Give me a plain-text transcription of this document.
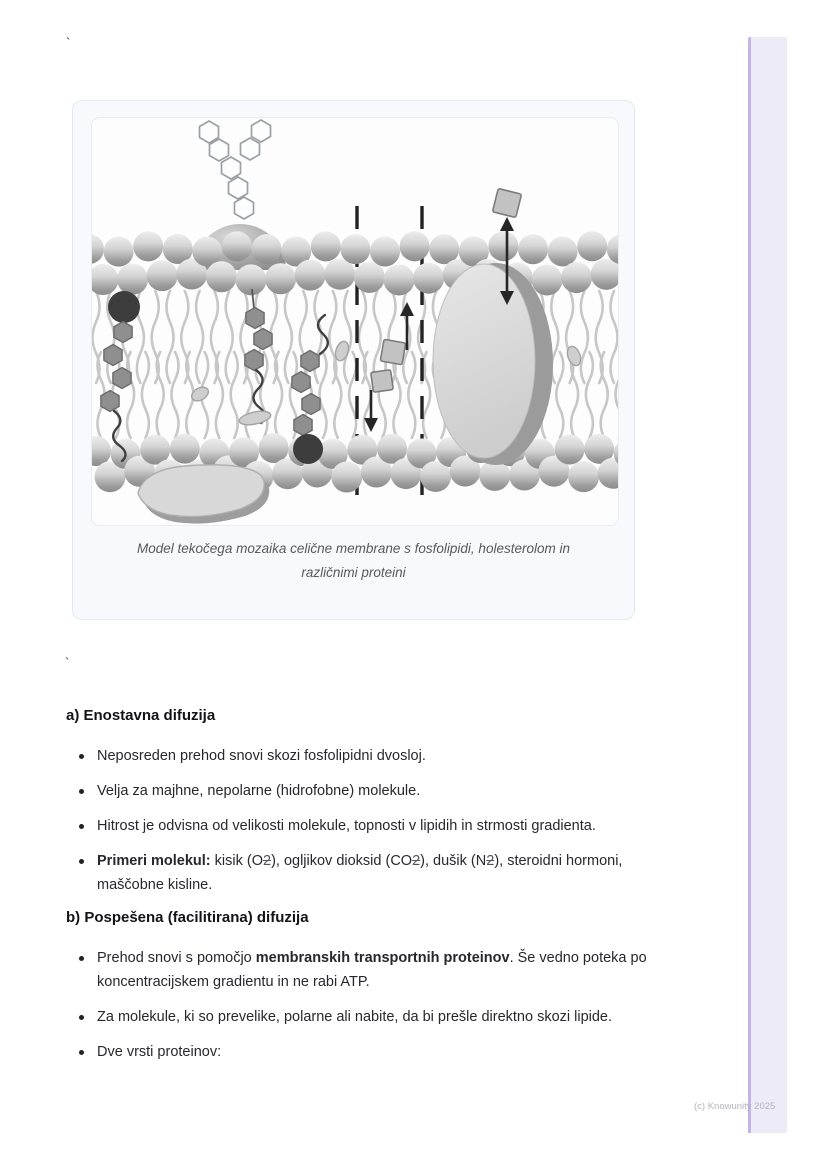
`
Model tekočega mozaika celične membrane s fosfolipidi, holesterolom in
različnimi proteini
`
a) Enostavna difuzija
Neposreden prehod snovi skozi fosfolipidni dvosloj.
Velja za majhne, nepolarne (hidrofobne) molekule.
Hitrost je odvisna od velikosti molekule, topnosti v lipidih in strmosti gradienta.
Primeri molekul: kisik (O2), ogljikov dioksid (CO2), dušik (N2), steroidni hormoni, maščobne kisline.
b) Pospešena (facilitirana) difuzija
Prehod snovi s pomočjo membranskih transportnih proteinov. Še vedno poteka po koncentracijskem gradientu in ne rabi ATP.
Za molekule, ki so prevelike, polarne ali nabite, da bi prešle direktno skozi lipide.
Dve vrsti proteinov:
(c) Knowunity 2025
